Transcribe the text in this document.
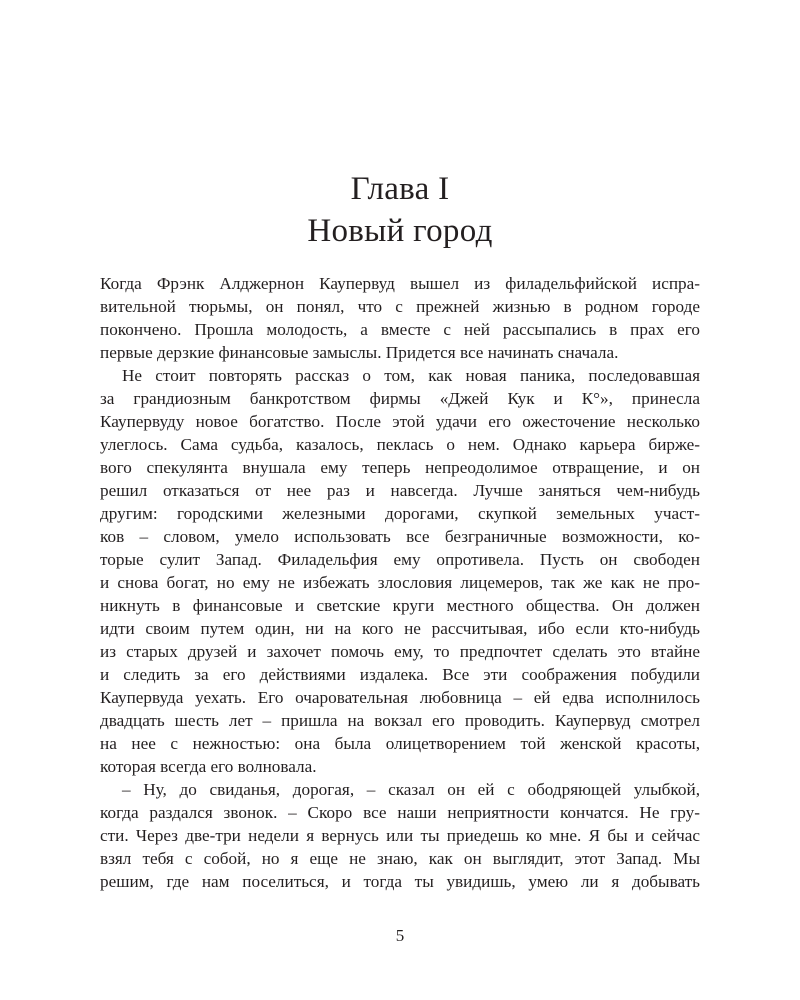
Глава I
Новый город
Когда Фрэнк Алджернон Каупервуд вышел из филадельфийской испра-
вительной тюрьмы, он понял, что с прежней жизнью в родном городе
покончено. Прошла молодость, а вместе с ней рассыпались в прах его
первые дерзкие финансовые замыслы. Придется все начинать сначала.
Не стоит повторять рассказ о том, как новая паника, последовавшая
за грандиозным банкротством фирмы «Джей Кук и К°», принесла
Каупервуду новое богатство. После этой удачи его ожесточение несколько
улеглось. Сама судьба, казалось, пеклась о нем. Однако карьера бирже-
вого спекулянта внушала ему теперь непреодолимое отвращение, и он
решил отказаться от нее раз и навсегда. Лучше заняться чем-нибудь
другим: городскими железными дорогами, скупкой земельных участ-
ков – словом, умело использовать все безграничные возможности, ко-
торые сулит Запад. Филадельфия ему опротивела. Пусть он свободен
и снова богат, но ему не избежать злословия лицемеров, так же как не про-
никнуть в финансовые и светские круги местного общества. Он должен
идти своим путем один, ни на кого не рассчитывая, ибо если кто-нибудь
из старых друзей и захочет помочь ему, то предпочтет сделать это втайне
и следить за его действиями издалека. Все эти соображения побудили
Каупервуда уехать. Его очаровательная любовница – ей едва исполнилось
двадцать шесть лет – пришла на вокзал его проводить. Каупервуд смотрел
на нее с нежностью: она была олицетворением той женской красоты,
которая всегда его волновала.
– Ну, до свиданья, дорогая, – сказал он ей с ободряющей улыбкой,
когда раздался звонок. – Скоро все наши неприятности кончатся. Не гру-
сти. Через две-три недели я вернусь или ты приедешь ко мне. Я бы и сейчас
взял тебя с собой, но я еще не знаю, как он выглядит, этот Запад. Мы
решим, где нам поселиться, и тогда ты увидишь, умею ли я добывать
5
